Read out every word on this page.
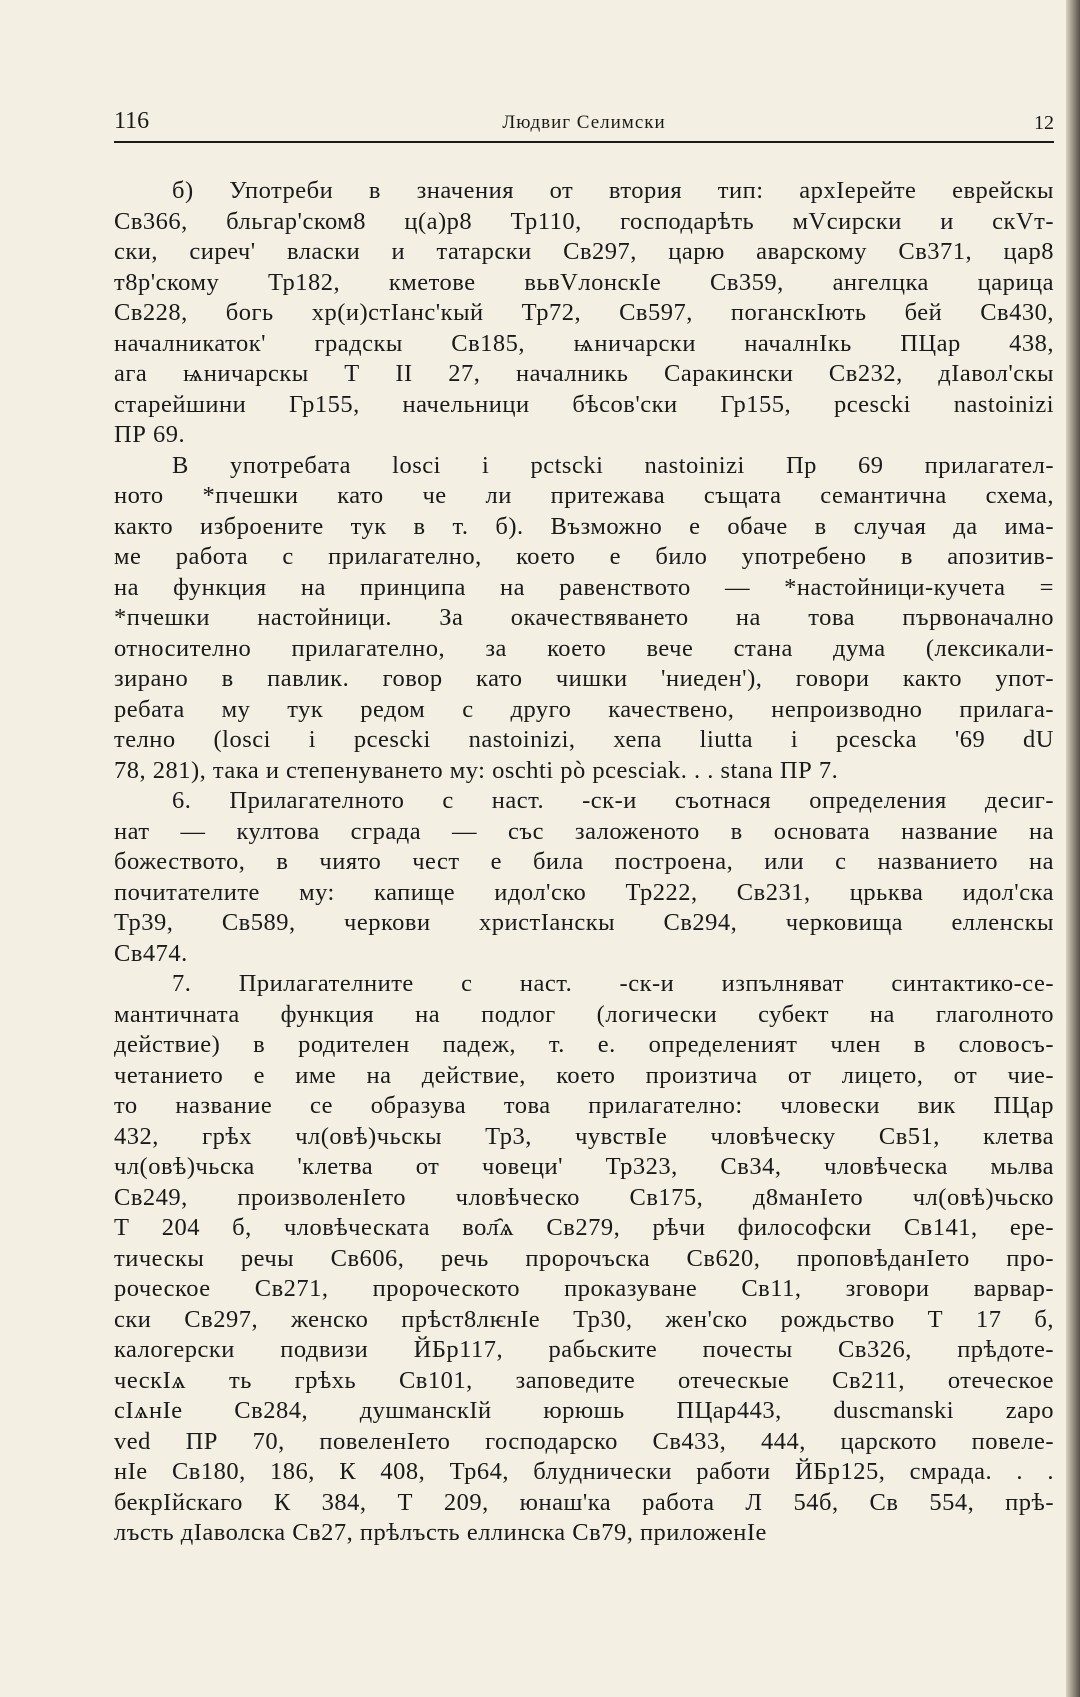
116	Людвиг Селимски	12

б) Употреби в значения от втория тип: архІерейте еврейскы
Св366, бльгар'ском8 ц(а)р8 Тр110, господарѣть мVсирски и скVт-
ски, сиреч' власки и татарски Св297, царю аварскому Св371, цар8
т8р'скому Тр182, кметове вьвVлонскІе Св359, ангелцка царица
Св228, богь хр(и)стІанс'кый Тр72, Св597, поганскІють бей Св430,
началникаток' градскы Св185, ѩничарски началнІкь ПЦар 438,
ага ѩничарскы Т II 27, началникь Саракински Св232, дІавол'скы
старейшини Гр155, начельници бѣсов'ски Гр155, pcescki nastoinizi
ПР 69.

В употребата losci i pctscki nastoinizi Пр 69 прилагател-
ното *пчешки като че ли притежава същата семантична схема,
както изброените тук в т. б). Възможно е обаче в случая да има-
ме работа с прилагателно, което е било употребено в апозитив-
на функция на принципа на равенството — *настойници-кучета =
*пчешки настойници. За окачествяването на това първоначално
относително прилагателно, за което вече стана дума (лексикали-
зирано в павлик. говор като чишки 'ниеден'), говори както упот-
ребата му тук редом с друго качествено, непроизводно прилага-
телно (losci i pcescki nastoinizi, хепа liutta i pcescka '69 dU
78, 281), така и степенуването му: oschti pò pcesciak. . . stana ПР 7.

6. Прилагателното с наст. -ск-и съотнася определения десиг-
нат — култова сграда — със заложеното в основата название на
божеството, в чиято чест е била построена, или с названието на
почитателите му: капище идол'ско Тр222, Св231, црьква идол'ска
Тр39, Св589, черкови христІанскы Св294, черковища елленскы
Св474.

7. Прилагателните с наст. -ск-и изпълняват синтактико-се-
мантичната функция на подлог (логически субект на глаголното
действие) в родителен падеж, т. е. определеният член в словосъ-
четанието е име на действие, което произтича от лицето, от чие-
то название се образува това прилагателно: чловески вик ПЦар
432, грѣх чл(овѣ)чьскы Тр3, чувствІе чловѣческу Св51, клетва
чл(овѣ)чьска 'клетва от човеци' Тр323, Св34, чловѣческа мьлва
Св249, произволенІето чловѣческо Св175, д8манІето чл(овѣ)чьско
Т 204 б, чловѣческата вол҄ѧ Св279, рѣчи философски Св141, ере-
тическы речы Св606, речь пророчъска Св620, проповѣданІето про-
роческое Св271, пророческото проказуване Св11, зговори варвар-
ски Св297, женско прѣст8лѥнІе Тр30, жен'ско рождьство Т 17 б,
калогерски подвизи ЙБр117, рабьските почесты Св326, прѣдоте-
ческІѧ ть грѣхь Св101, заповедите отеческые Св211, отеческое
сІѧнІе Св284, душманскІй юрюшь ПЦар443, duscmanski zapo
ved ПР 70, повеленІето господарско Св433, 444, царското повеле-
нІе Св180, 186, К 408, Тр64, блуднически работи ЙБр125, смрада. . .
бекрІйскаго К 384, Т 209, юнаш'ка работа Л 54б, Св 554, прѣ-
лъсть дІаволска Св27, прѣлъсть еллинска Св79, приложенІе
